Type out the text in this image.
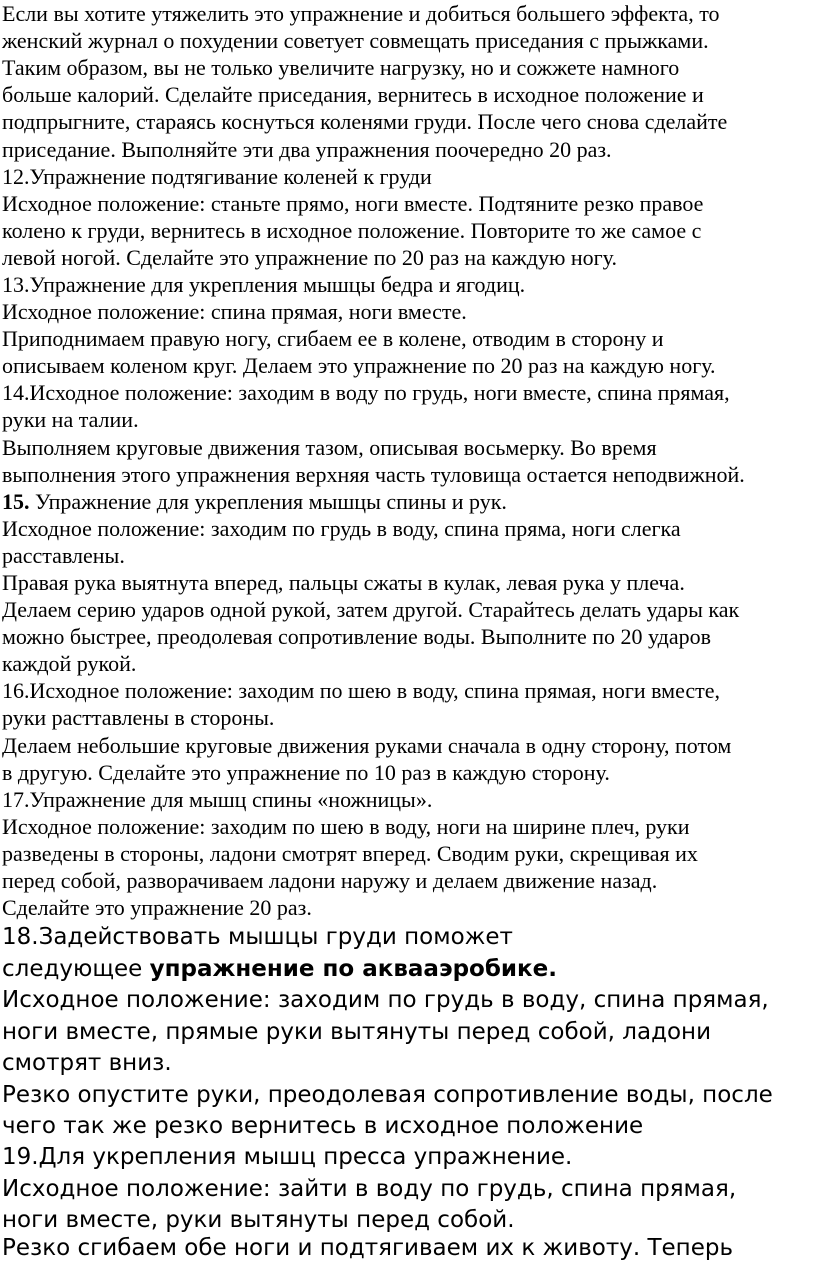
Если вы хотите утяжелить это упражнение и добиться большего эффекта, то

женский журнал о похудении советует совмещать приседания с прыжками.

Таким образом, вы не только увеличите нагрузку, но и сожжете намного

больше калорий. Сделайте приседания, вернитесь в исходное положение и

подпрыгните, стараясь коснуться коленями груди. После чего снова сделайте

приседание. Выполняйте эти два упражнения поочередно 20 раз.

12.Упражнение подтягивание коленей к груди

Исходное положение: станьте прямо, ноги вместе. Подтяните резко правое

колено к груди, вернитесь в исходное положение. Повторите то же самое с

левой ногой. Сделайте это упражнение по 20 раз на каждую ногу.

13.Упражнение для укрепления мышцы бедра и ягодиц.

Исходное положение: спина прямая, ноги вместе.

Приподнимаем правую ногу, сгибаем ее в колене, отводим в сторону и

описываем коленом круг. Делаем это упражнение по 20 раз на каждую ногу.

14.Исходное положение: заходим в воду по грудь, ноги вместе, спина прямая,

руки на талии.

Выполняем круговые движения тазом, описывая восьмерку. Во время

выполнения этого упражнения верхняя часть туловища остается неподвижной.

15. Упражнение для укрепления мышцы спины и рук.

Исходное положение: заходим по грудь в воду, спина пряма, ноги слегка

расставлены.

Правая рука выятнута вперед, пальцы сжаты в кулак, левая рука у плеча.

Делаем серию ударов одной рукой, затем другой. Старайтесь делать удары как

можно быстрее, преодолевая сопротивление воды. Выполните по 20 ударов

каждой рукой.

16.Исходное положение: заходим по шею в воду, спина прямая, ноги вместе,

руки расттавлены в стороны.

Делаем небольшие круговые движения руками сначала в одну сторону, потом

в другую. Сделайте это упражнение по 10 раз в каждую сторону.

17.Упражнение для мышц спины «ножницы».

Исходное положение: заходим по шею в воду, ноги на ширине плеч, руки

разведены в стороны, ладони смотрят вперед. Сводим руки, скрещивая их

перед собой, разворачиваем ладони наружу и делаем движение назад.

Сделайте это упражнение 20 раз.

18.Задействовать мышцы груди поможет

следующее упражнение по аквааэробике.

Исходное положение: заходим по грудь в воду, спина прямая,

ноги вместе, прямые руки вытянуты перед собой, ладони

смотрят вниз.

Резко опустите руки, преодолевая сопротивление воды, после

чего так же резко вернитесь в исходное положение

19.Для укрепления мышц пресса упражнение.

Исходное положение: зайти в воду по грудь, спина прямая,

ноги вместе, руки вытянуты перед собой.

Резко сгибаем обе ноги и подтягиваем их к животу. Теперь
